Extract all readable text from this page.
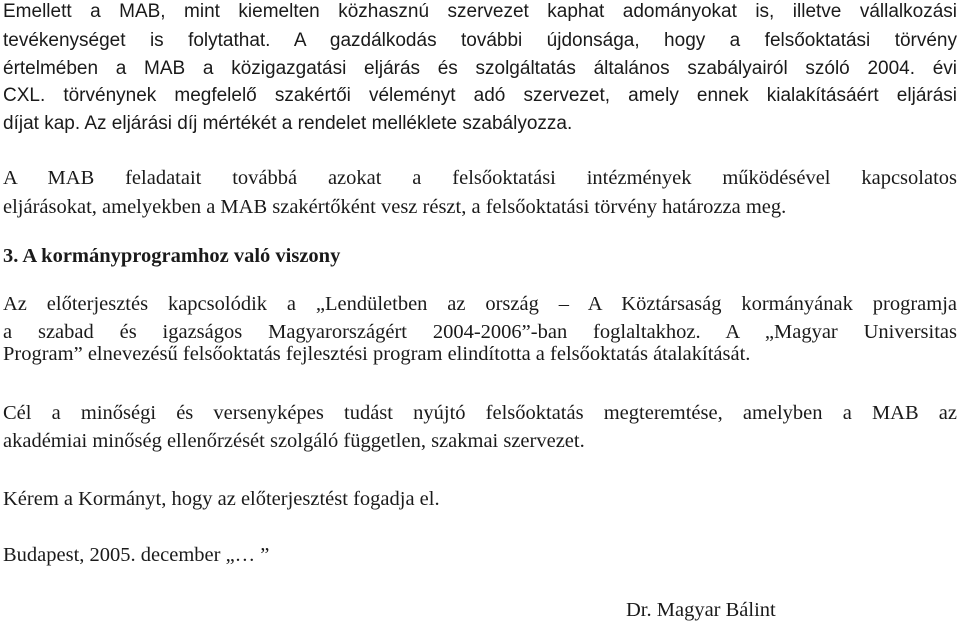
Emellett a MAB, mint kiemelten közhasznú szervezet kaphat adományokat is, illetve vállalkozási
tevékenységet is folytathat. A gazdálkodás további újdonsága, hogy a felsőoktatási törvény
értelmében a MAB a közigazgatási eljárás és szolgáltatás általános szabályairól szóló 2004. évi
CXL. törvénynek megfelelő szakértői véleményt adó szervezet, amely ennek kialakításáért eljárási
díjat kap. Az eljárási díj mértékét a rendelet melléklete szabályozza.
A MAB feladatait továbbá azokat a felsőoktatási intézmények működésével kapcsolatos
eljárásokat, amelyekben a MAB szakértőként vesz részt, a felsőoktatási törvény határozza meg.
3. A kormányprogramhoz való viszony
Az előterjesztés kapcsolódik a „Lendületben az ország – A Köztársaság kormányának programja
a szabad és igazságos Magyarországért 2004-2006”-ban foglaltakhoz. A „Magyar Universitas
Program” elnevezésű felsőoktatás fejlesztési program elindította a felsőoktatás átalakítását.
Cél a minőségi és versenyképes tudást nyújtó felsőoktatás megteremtése, amelyben a MAB az
akadémiai minőség ellenőrzését szolgáló független, szakmai szervezet.
Kérem a Kormányt, hogy az előterjesztést fogadja el.
Budapest, 2005. december „… ”
Dr. Magyar Bálint
